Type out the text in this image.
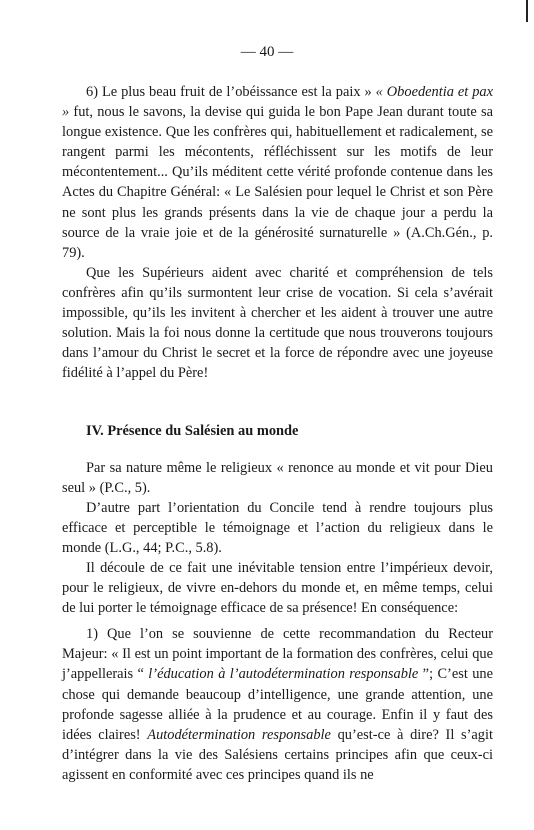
— 40 —

6) Le plus beau fruit de l’obéissance est la paix » « Oboedentia et pax » fut, nous le savons, la devise qui guida le bon Pape Jean durant toute sa longue existence. Que les confrères qui, habituellement et radicalement, se rangent parmi les mécontents, réfléchissent sur les motifs de leur mécontentement... Qu’ils méditent cette vérité profonde contenue dans les Actes du Chapitre Général: « Le Salésien pour lequel le Christ et son Père ne sont plus les grands présents dans la vie de chaque jour a perdu la source de la vraie joie et de la générosité surnaturelle » (A.Ch.Gén., p. 79).

Que les Supérieurs aident avec charité et compréhension de tels confrères afin qu’ils surmontent leur crise de vocation. Si cela s’avérait impossible, qu’ils les invitent à chercher et les aident à trouver une autre solution. Mais la foi nous donne la certitude que nous trouverons toujours dans l’amour du Christ le secret et la force de répondre avec une joyeuse fidélité à l’appel du Père!

IV. Présence du Salésien au monde

Par sa nature même le religieux « renonce au monde et vit pour Dieu seul » (P.C., 5).

D’autre part l’orientation du Concile tend à rendre toujours plus efficace et perceptible le témoignage et l’action du religieux dans le monde (L.G., 44; P.C., 5.8).

Il découle de ce fait une inévitable tension entre l’impérieux devoir, pour le religieux, de vivre en-dehors du monde et, en même temps, celui de lui porter le témoignage efficace de sa présence! En conséquence:

1) Que l’on se souvienne de cette recommandation du Recteur Majeur: « Il est un point important de la formation des confrères, celui que j’appellerais “ l’éducation à l’autodétermination responsable ”; C’est une chose qui demande beaucoup d’intelligence, une grande attention, une profonde sagesse alliée à la prudence et au courage. Enfin il y faut des idées claires! Autodétermination responsable qu’est-ce à dire? Il s’agit d’intégrer dans la vie des Salésiens certains principes afin que ceux-ci agissent en conformité avec ces principes quand ils ne
